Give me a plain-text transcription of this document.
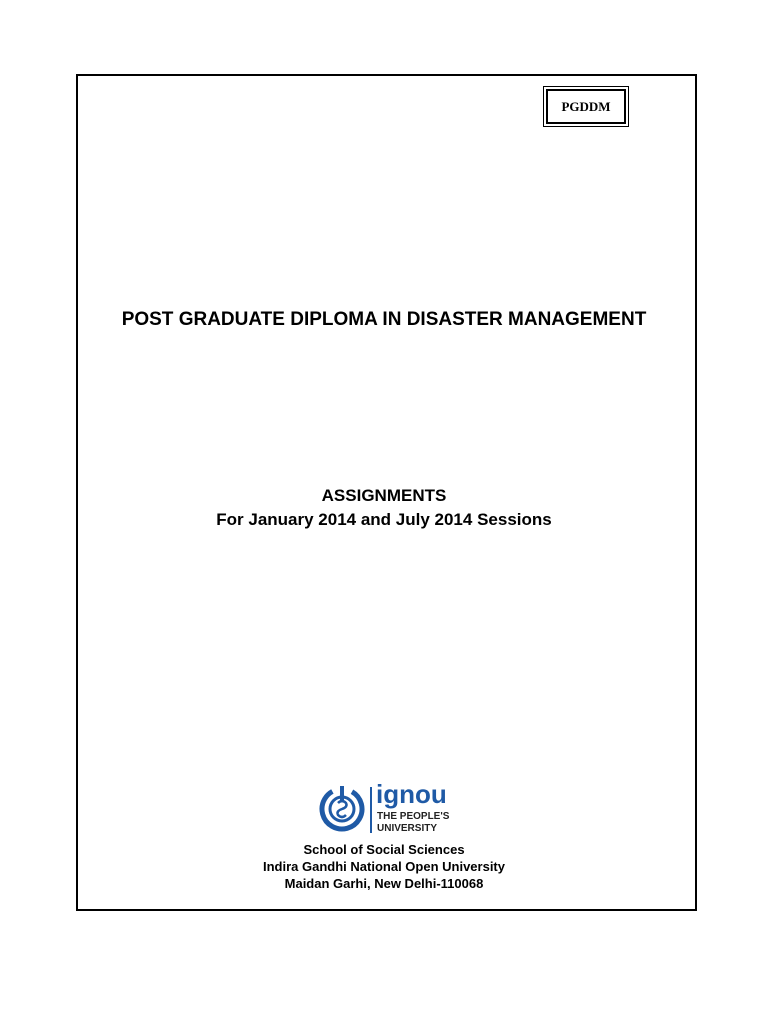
PGDDM
POST GRADUATE DIPLOMA IN DISASTER MANAGEMENT
ASSIGNMENTS
For January 2014 and July 2014 Sessions
ignou
THE PEOPLE'S
UNIVERSITY
School of Social Sciences
Indira Gandhi National Open University
Maidan Garhi, New Delhi-110068
